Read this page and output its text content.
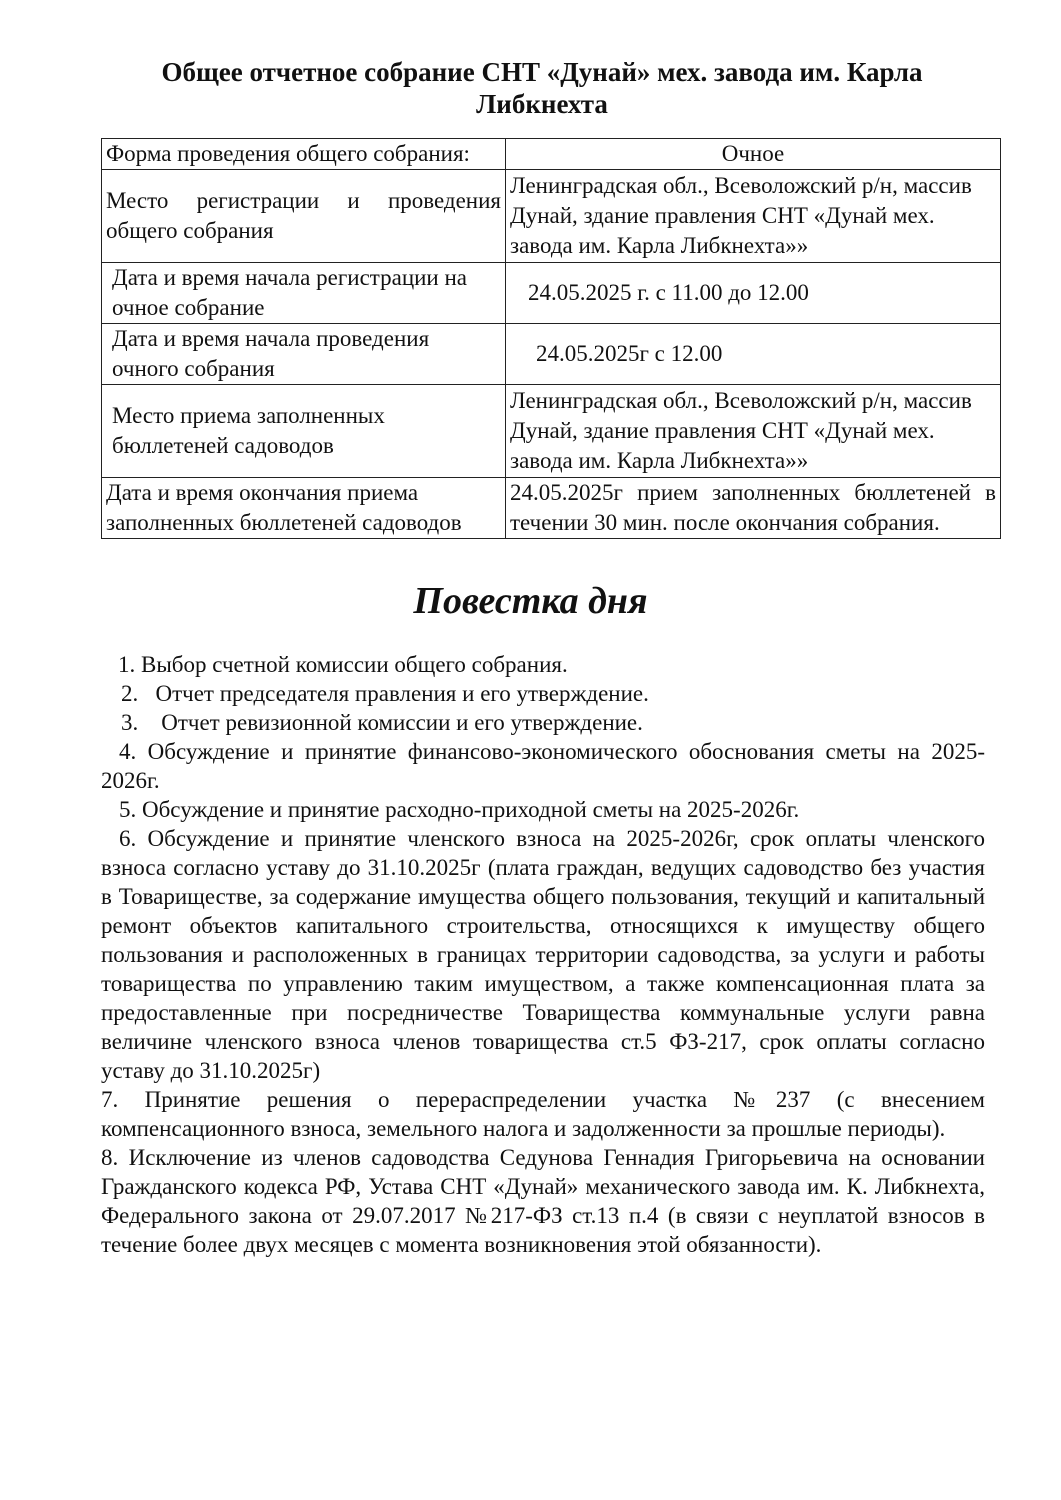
Общее отчетное собрание СНТ «Дунай» мех. завода им. Карла Либкнехта
Форма проведения общего собрания:	Очное
Место регистрации и проведения общего собрания	Ленинградская обл., Всеволожский р/н, массив Дунай, здание правления СНТ «Дунай мех. завода им. Карла Либкнехта»»
Дата и время начала регистрации на очное собрание	24.05.2025 г. с 11.00 до 12.00
Дата и время начала проведения очного собрания	24.05.2025г с 12.00
Место приема заполненных бюллетеней садоводов	Ленинградская обл., Всеволожский р/н, массив Дунай, здание правления СНТ «Дунай мех. завода им. Карла Либкнехта»»
Дата и время окончания приема заполненных бюллетеней садоводов	24.05.2025г прием заполненных бюллетеней в течении 30 мин. после окончания собрания.
Повестка дня

1. Выбор счетной комиссии общего собрания.

2.   Отчет председателя правления и его утверждение.

3.    Отчет ревизионной комиссии и его утверждение.

4. Обсуждение и принятие финансово-экономического обоснования сметы на 2025-2026г.

5. Обсуждение и принятие расходно-приходной сметы на 2025-2026г.

6. Обсуждение и принятие членского взноса на 2025-2026г, срок оплаты членского взноса согласно уставу до 31.10.2025г (плата граждан, ведущих садоводство без участия в Товариществе, за содержание имущества общего пользования, текущий и капитальный ремонт объектов капитального строительства, относящихся к имуществу общего пользования и расположенных в границах территории садоводства, за услуги и работы товарищества по управлению таким имуществом, а также компенсационная плата за предоставленные при посредничестве Товарищества коммунальные услуги равна величине членского взноса членов товарищества ст.5 ФЗ-217, срок оплаты согласно уставу до 31.10.2025г)

7. Принятие решения о перераспределении участка №237 (с внесением компенсационного взноса, земельного налога и задолженности за прошлые периоды).

8. Исключение из членов садоводства Седунова Геннадия Григорьевича на основании Гражданского кодекса РФ, Устава СНТ «Дунай» механического завода им. К. Либкнехта, Федерального закона от 29.07.2017 №217-ФЗ ст.13 п.4 (в связи с неуплатой взносов в течение более двух месяцев с момента возникновения этой обязанности).
